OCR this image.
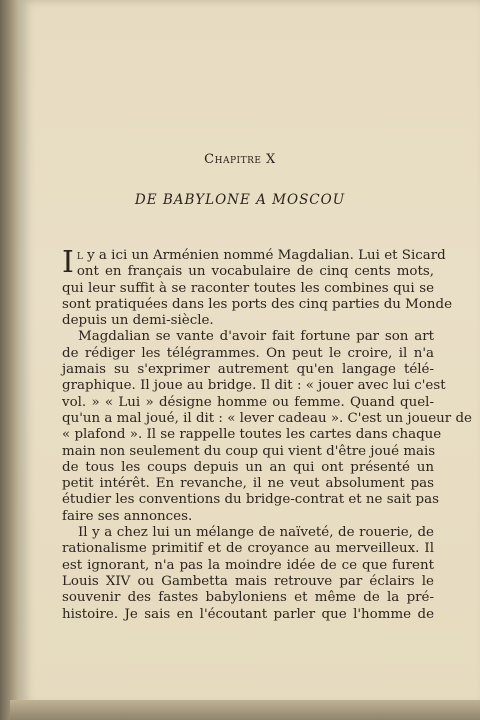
Chapitre X
DE BABYLONE A MOSCOU
I l y a ici un Arménien nommé Magdalian. Lui et Sicard
ont en français un vocabulaire de cinq cents mots,
qui leur suffit à se raconter toutes les combines qui se
sont pratiquées dans les ports des cinq parties du Monde
depuis un demi-siècle.
Magdalian se vante d'avoir fait fortune par son art
de rédiger les télégrammes. On peut le croire, il n'a
jamais su s'exprimer autrement qu'en langage télé-
graphique. Il joue au bridge. Il dit : « jouer avec lui c'est
vol. » « Lui » désigne homme ou femme. Quand quel-
qu'un a mal joué, il dit : « lever cadeau ». C'est un joueur de
« plafond ». Il se rappelle toutes les cartes dans chaque
main non seulement du coup qui vient d'être joué mais
de tous les coups depuis un an qui ont présenté un
petit intérêt. En revanche, il ne veut absolument pas
étudier les conventions du bridge-contrat et ne sait pas
faire ses annonces.
Il y a chez lui un mélange de naïveté, de rouerie, de
rationalisme primitif et de croyance au merveilleux. Il
est ignorant, n'a pas la moindre idée de ce que furent
Louis XIV ou Gambetta mais retrouve par éclairs le
souvenir des fastes babyloniens et même de la pré-
histoire. Je sais en l'écoutant parler que l'homme de
